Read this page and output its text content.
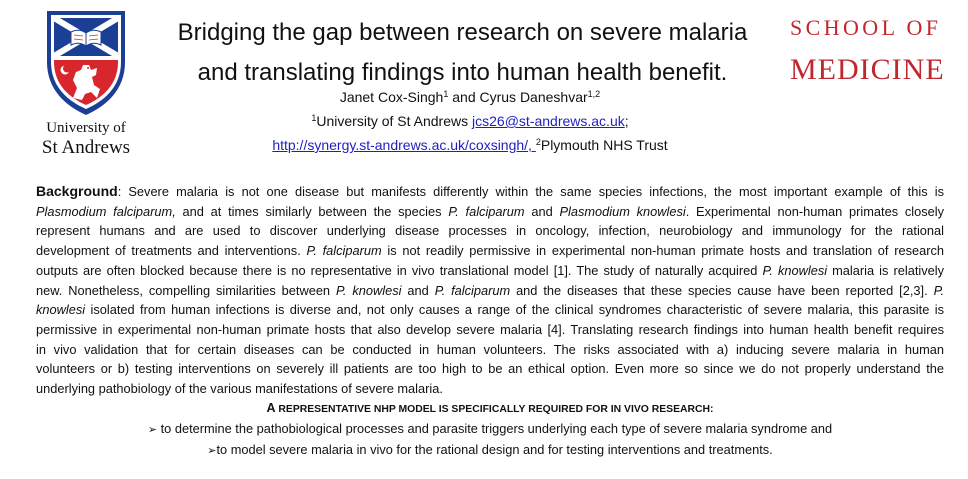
University of
St Andrews
Bridging the gap between research on severe malaria
and translating findings into human health benefit.
Janet Cox-Singh$^1$ and Cyrus Daneshvar$^{1,2}$
$^1$University of St Andrews jcs26@st-andrews.ac.uk;
http://synergy.st-andrews.ac.uk/coxsingh/, $^2$Plymouth NHS Trust
SCHOOL OF
MEDICINE
Background: Severe malaria is not one disease but manifests differently within the same species infections, the most important example of this is
Plasmodium falciparum, and at times similarly between the species P. falciparum and Plasmodium knowlesi. Experimental non-human primates closely
represent humans and are used to discover underlying disease processes in oncology, infection, neurobiology and immunology for the rational
development of treatments and interventions. P. falciparum is not readily permissive in experimental non-human primate hosts and translation of research
outputs are often blocked because there is no representative in vivo translational model [1]. The study of naturally acquired P. knowlesi malaria is relatively
new. Nonetheless, compelling similarities between P. knowlesi and P. falciparum and the diseases that these species cause have been reported [2,3]. P.
knowlesi isolated from human infections is diverse and, not only causes a range of the clinical syndromes characteristic of severe malaria, this parasite is
permissive in experimental non-human primate hosts that also develop severe malaria [4]. Translating research findings into human health benefit requires
in vivo validation that for certain diseases can be conducted in human volunteers. The risks associated with a) inducing severe malaria in human
volunteers or b) testing interventions on severely ill patients are too high to be an ethical option. Even more so since we do not properly understand the
underlying pathobiology of the various manifestations of severe malaria.
A REPRESENTATIVE NHP MODEL IS SPECIFICALLY REQUIRED FOR IN VIVO RESEARCH:
➢ to determine the pathobiological processes and parasite triggers underlying each type of severe malaria syndrome and
➢to model severe malaria in vivo for the rational design and for testing interventions and treatments.
